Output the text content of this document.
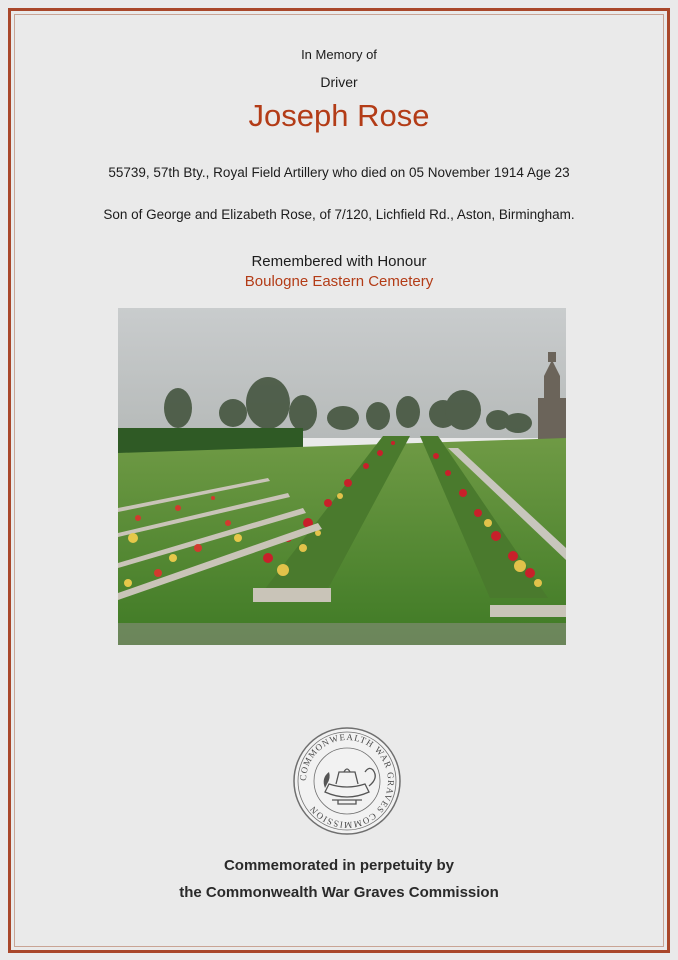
In Memory of
Driver
Joseph Rose
55739, 57th Bty., Royal Field Artillery who died on 05 November 1914 Age 23
Son of George and Elizabeth Rose, of 7/120, Lichfield Rd., Aston, Birmingham.
Remembered with Honour
Boulogne Eastern Cemetery
COMMONWEALTH WAR GRAVES COMMISSION
Commemorated in perpetuity by
the Commonwealth War Graves Commission
